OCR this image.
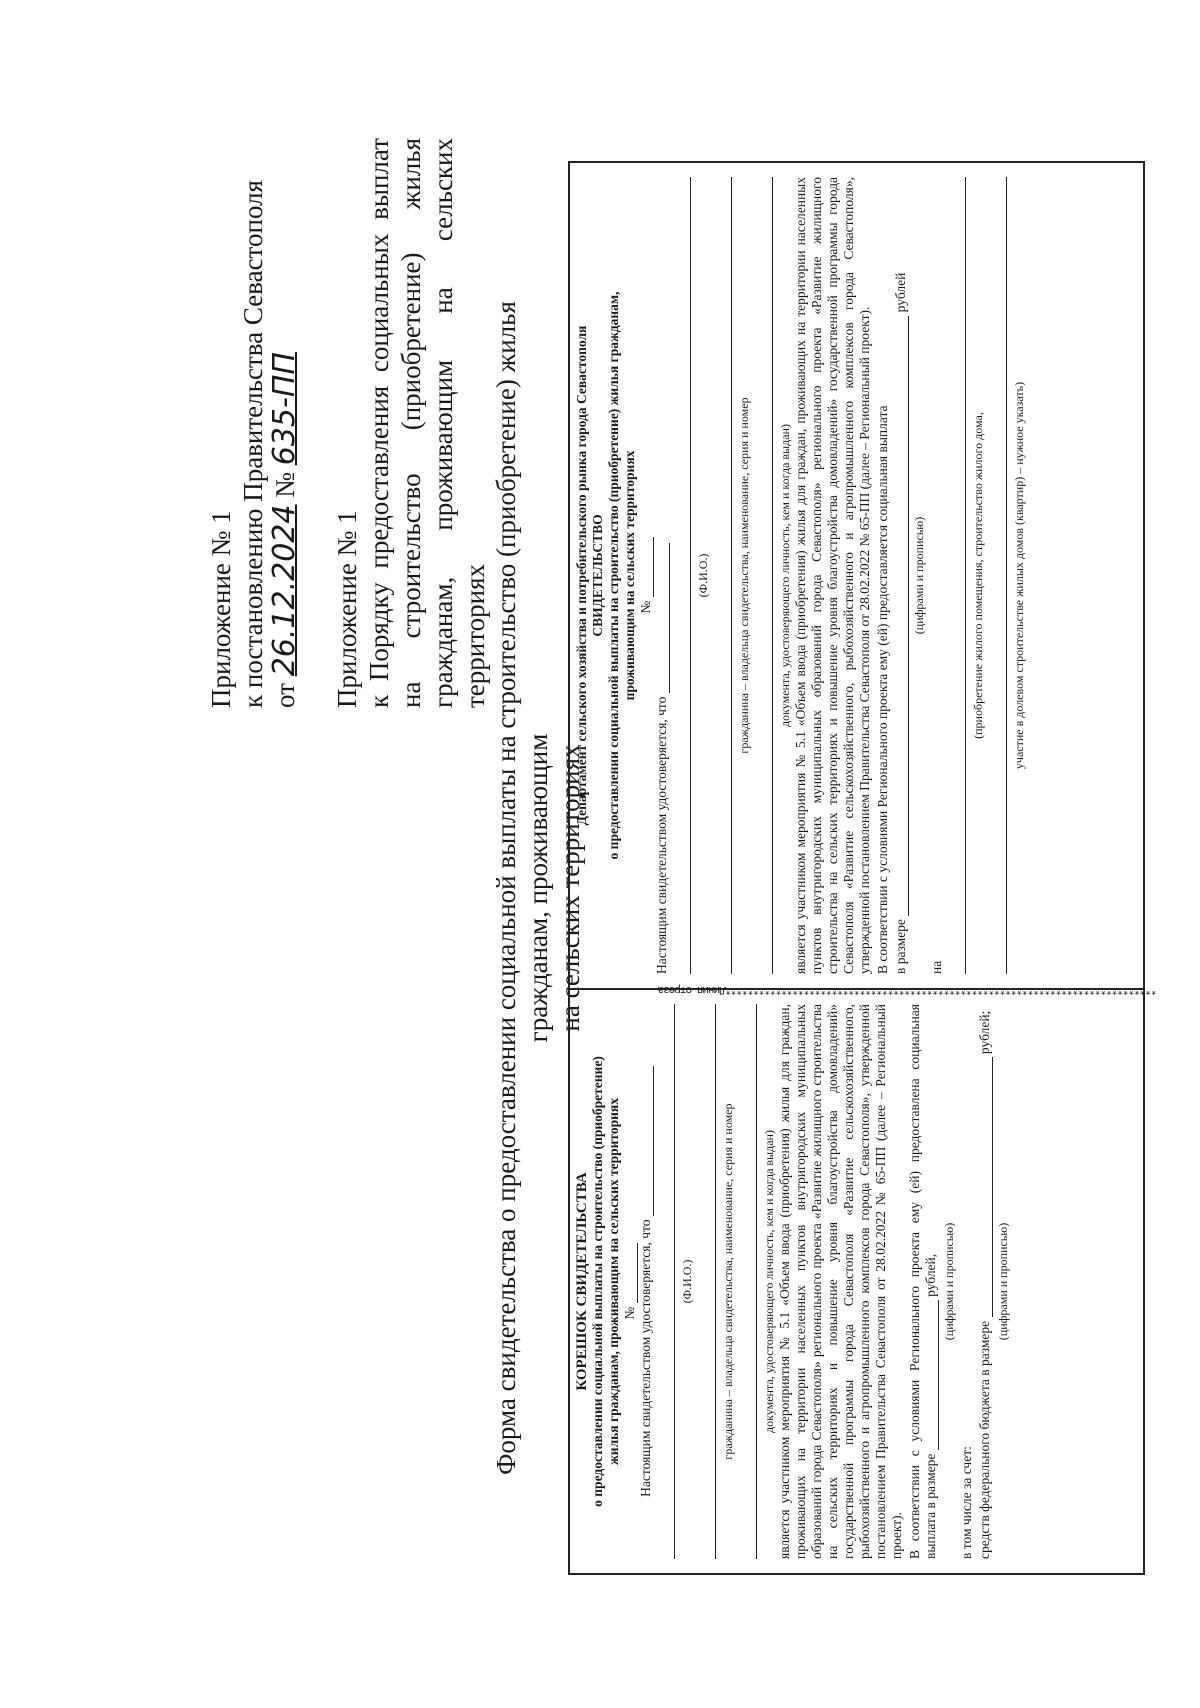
Приложение № 1 к постановлению Правительства Севастополя от 26.12.2024 № 635-ПП

Приложение № 1 к Порядку предоставления социальных выплат на строительство (приобретение) жилья гражданам, проживающим на сельских территориях Форма свидетельства о предоставлении социальной выплаты на строительство (приобретение) жилья гражданам, проживающим на сельских территориях
КОРЕШОК СВИДЕТЕЛЬСТВА о предоставлении социальной выплаты на строительство (приобретение) жилья гражданам, проживающим на сельских территориях № Настоящим свидетельством удостоверяется, что (Ф.И.О.) гражданина – владельца свидетельства, наименование, серия и номер документа, удостоверяющего личность, кем и когда выдан) является участником мероприятия № 5.1 «Объем ввода (приобретения) жилья для граждан, проживающих на территории населенных пунктов внутригородских муниципальных образований города Севастополя» регионального проекта «Развитие жилищного строительства на сельских территориях и повышение уровня благоустройства домовладений» государственной программы города Севастополя «Развитие сельскохозяйственного, рыбохозяйственного и агропромышленного комплексов города Севастополя», утвержденной постановлением Правительства Севастополя от 28.02.2022 № 65-ПП (далее – Региональный проект). В соответствии с условиями Регионального проекта ему (ей) предоставлена социальная выплата в размере  рублей, (цифрами и прописью)
в том числе за счет: средств федерального бюджета в размере  рублей;
(цифрами и прописью)
*****************************************************************************Линия отреза
Департамент сельского хозяйства и потребительского рынка города Севастополя СВИДЕТЕЛЬСТВО о предоставлении социальной выплаты на строительство (приобретение) жилья гражданам, проживающим на сельских территориях №
Настоящим свидетельством удостоверяется, что
(Ф.И.О.) гражданина – владельца свидетельства, наименование, серия и номер документа, удостоверяющего личность, кем и когда выдан) является участником мероприятия № 5.1 «Объем ввода (приобретения) жилья для граждан, проживающих на территории населенных пунктов внутригородских муниципальных образований города Севастополя» регионального проекта «Развитие жилищного строительства на сельских территориях и повышение уровня благоустройства домовладений» государственной программы города Севастополя «Развитие сельскохозяйственного, рыбохозяйственного и агропромышленного комплексов города Севастополя», утвержденной постановлением Правительства Севастополя от 28.02.2022 № 65-ПП (далее – Региональный проект). В соответствии с условиями Регионального проекта ему (ей) предоставляется социальная выплата в размере  рублей
(цифрами и прописью)
на
(приобретение жилого помещения, строительство жилого дома, участие в долевом строительстве жилых домов (квартир) – нужное указать)
